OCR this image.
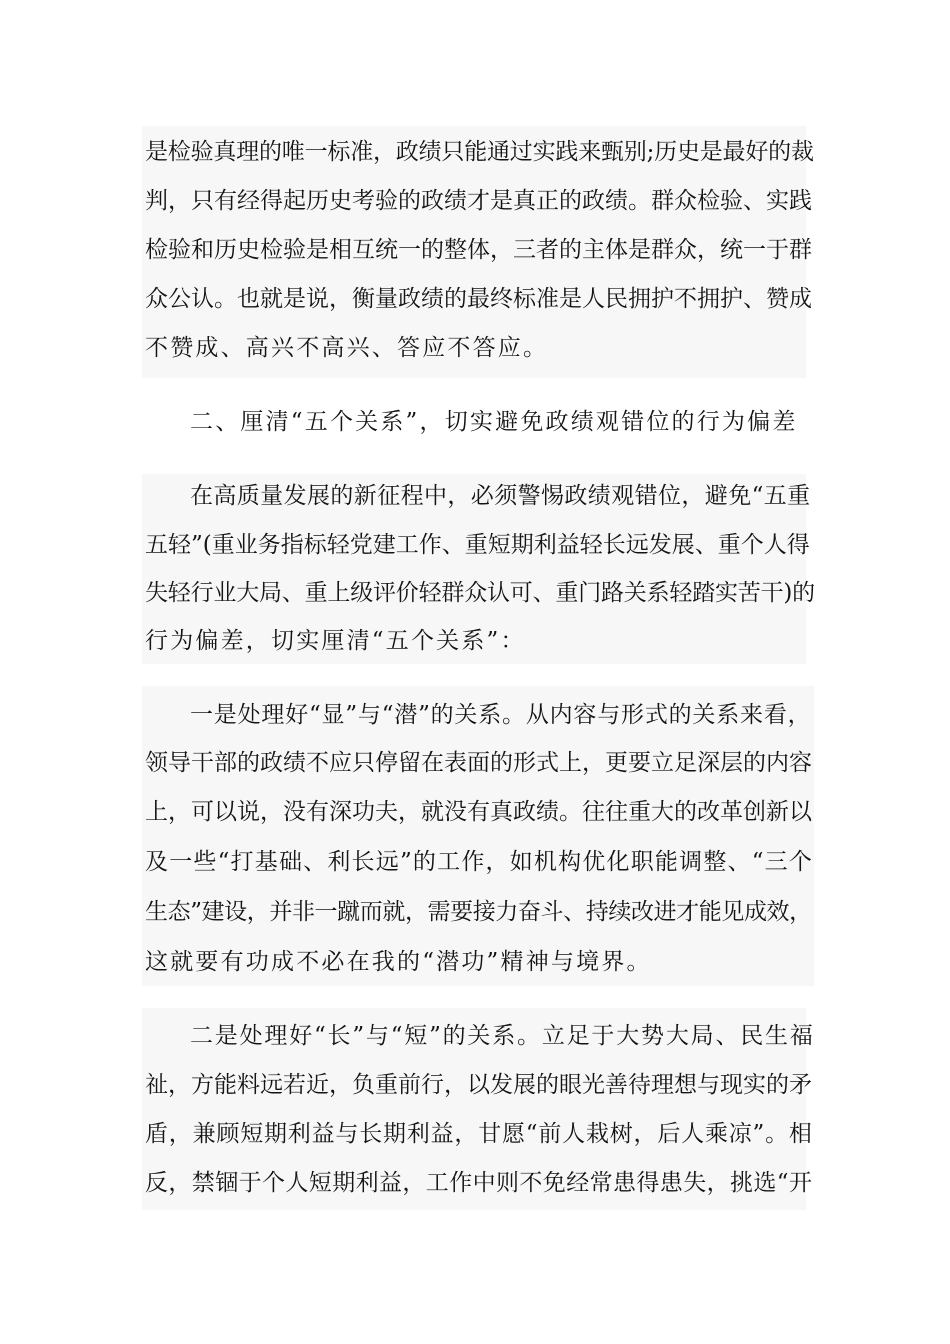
是检验真理的唯一标准，政绩只能通过实践来甄别;历史是最好的裁
判，只有经得起历史考验的政绩才是真正的政绩。群众检验、实践
检验和历史检验是相互统一的整体，三者的主体是群众，统一于群
众公认。也就是说，衡量政绩的最终标准是人民拥护不拥护、赞成
不赞成、高兴不高兴、答应不答应。
二、厘清“五个关系”，切实避免政绩观错位的行为偏差
在高质量发展的新征程中，必须警惕政绩观错位，避免“五重
五轻”(重业务指标轻党建工作、重短期利益轻长远发展、重个人得
失轻行业大局、重上级评价轻群众认可、重门路关系轻踏实苦干)的
行为偏差，切实厘清“五个关系”：
一是处理好“显”与“潜”的关系。从内容与形式的关系来看，
领导干部的政绩不应只停留在表面的形式上，更要立足深层的内容
上，可以说，没有深功夫，就没有真政绩。往往重大的改革创新以
及一些“打基础、利长远”的工作，如机构优化职能调整、“三个
生态”建设，并非一蹴而就，需要接力奋斗、持续改进才能见成效，
这就要有功成不必在我的“潜功”精神与境界。
二是处理好“长”与“短”的关系。立足于大势大局、民生福
祉，方能料远若近，负重前行，以发展的眼光善待理想与现实的矛
盾，兼顾短期利益与长期利益，甘愿“前人栽树，后人乘凉”。相
反，禁锢于个人短期利益，工作中则不免经常患得患失，挑选“开
